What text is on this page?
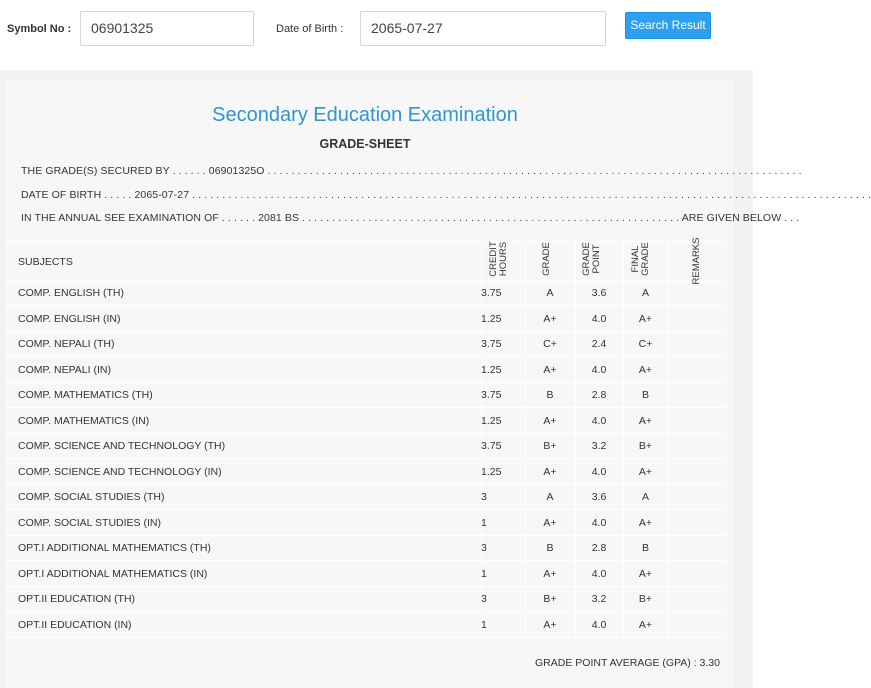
Symbol No :	06901325	Date of Birth :	2065-07-27	Search Result
Secondary Education Examination
GRADE-SHEET
THE GRADE(S) SECURED BY . . . . . . 06901325O . . . . . . . . . . . . . . . . . . . . . . . . . . . . . . . . . . . . . . . . . . . . . . . . . . . . . . . . . . . . . . . . . . . . . . . . . . . . . . . . . . . . . . . . .
DATE OF BIRTH . . . . . 2065-07-27 . . . . . . . . . . . . . . . . . . . . . . . . . . . . . . . . . . . . . . . . . . . . . . . . . . . . . . . . . . . . . . . . . . . . . . . . . . . . . . . . . . . . . . . . . . . . . . . . . . . . . . . . . . . . . . . . .
IN THE ANNUAL SEE EXAMINATION OF . . . . . . 2081 BS . . . . . . . . . . . . . . . . . . . . . . . . . . . . . . . . . . . . . . . . . . . . . . . . . . . . . . . . . . . . . . . ARE GIVEN BELOW . . .
SUBJECTS	CREDIT HOURS	GRADE	GRADE POINT	FINAL GRADE	REMARKS
COMP. ENGLISH (TH)	3.75	A	3.6	A
COMP. ENGLISH (IN)	1.25	A+	4.0	A+
COMP. NEPALI (TH)	3.75	C+	2.4	C+
COMP. NEPALI (IN)	1.25	A+	4.0	A+
COMP. MATHEMATICS (TH)	3.75	B	2.8	B
COMP. MATHEMATICS (IN)	1.25	A+	4.0	A+
COMP. SCIENCE AND TECHNOLOGY (TH)	3.75	B+	3.2	B+
COMP. SCIENCE AND TECHNOLOGY (IN)	1.25	A+	4.0	A+
COMP. SOCIAL STUDIES (TH)	3	A	3.6	A
COMP. SOCIAL STUDIES (IN)	1	A+	4.0	A+
OPT.I ADDITIONAL MATHEMATICS (TH)	3	B	2.8	B
OPT.I ADDITIONAL MATHEMATICS (IN)	1	A+	4.0	A+
OPT.II EDUCATION (TH)	3	B+	3.2	B+
OPT.II EDUCATION (IN)	1	A+	4.0	A+
GRADE POINT AVERAGE (GPA) : 3.30
